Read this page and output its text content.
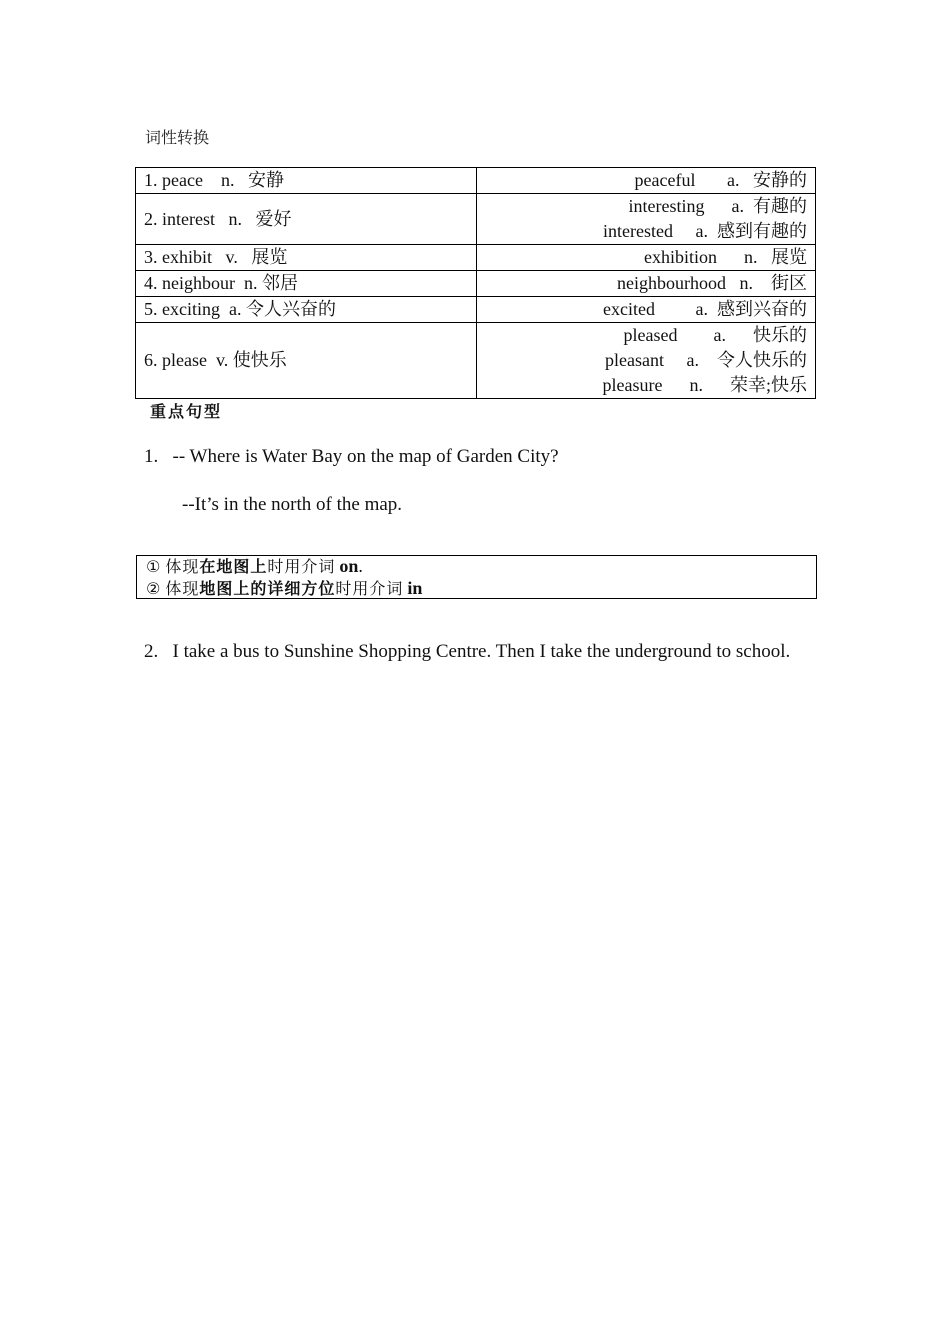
词性转换
1. peace    n.   安静	peaceful       a.   安静的

2. interest   n.   爱好	interesting      a.  有趣的
interested     a.  感到有趣的

3. exhibit   v.   展览	exhibition      n.   展览

4. neighbour  n. 邻居	neighbourhood   n.    街区

5. exciting  a. 令人兴奋的	excited         a.  感到兴奋的

6. please  v. 使快乐	pleased        a.      快乐的
pleasant     a.    令人快乐的
pleasure      n.      荣幸;快乐
重点句型
1. -- Where is Water Bay on the map of Garden City?
--It’s in the north of the map.
① 体现在地图上时用介词 on.
② 体现地图上的详细方位时用介词 in
2. I take a bus to Sunshine Shopping Centre. Then I take the underground to school.
